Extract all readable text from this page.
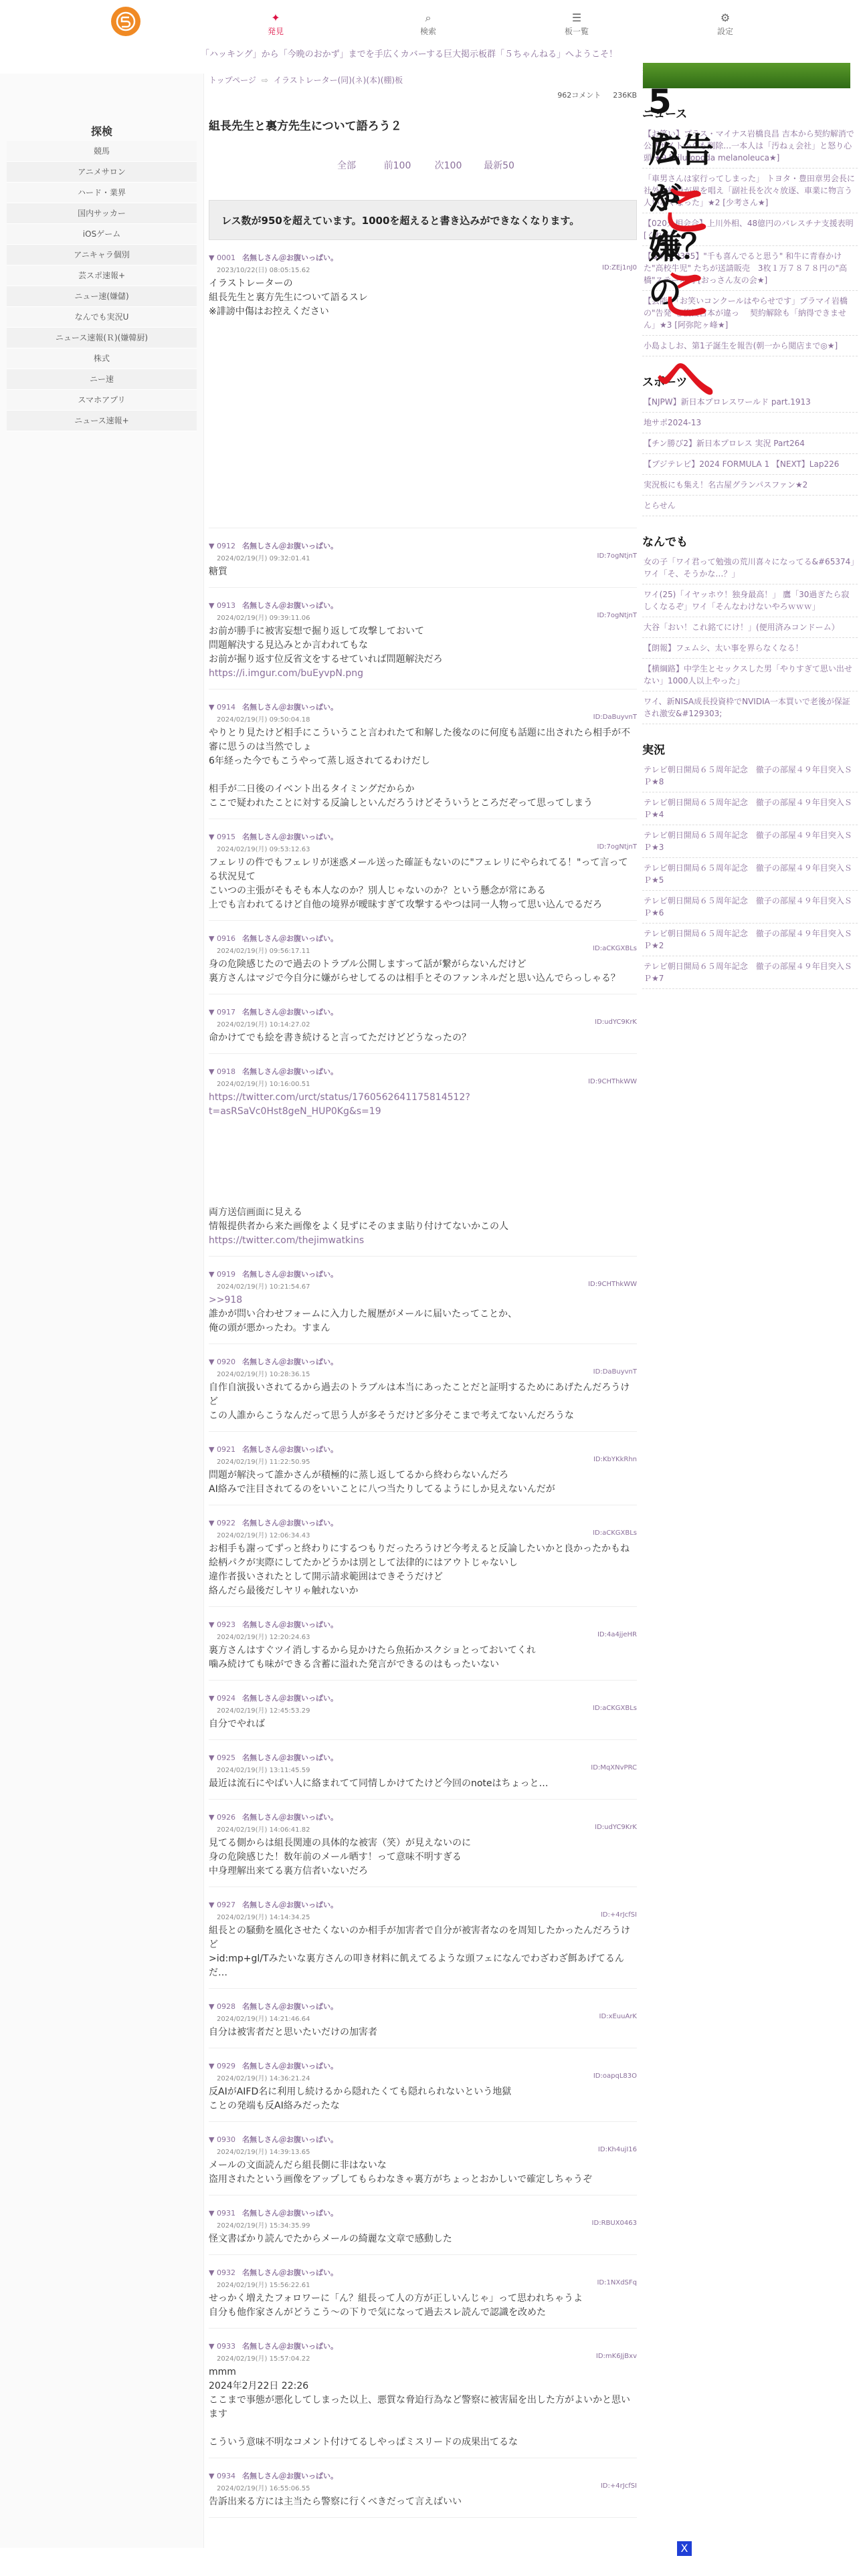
✦
発見
⌕
検索
☰
板一覧
⚙
設定
「ハッキング」から「今晩のおかず」までを手広くカバーする巨大掲示板群「５ちゃんねる」へようこそ！
探検
競馬
アニメサロン
ハード・業界
国内サッカー
iOSゲーム
アニキャラ個別
芸スポ速報+
ニュー速(嫌儲)
なんでも実況U
ニュース速報(Ｒ)(嫌韓厨)
株式
ニー速
スマホアプリ
ニュース速報+
トップページ ⇨ イラストレーター(同)(ネ)(本)(棚)板
962コメント 236KB
組長先生と裏方先生について語ろう２
全部	前100	次100	最新50
レス数が950を超えています。1000を超えると書き込みができなくなります。
▼ 0001 名無しさん＠お腹いっぱい。
2023/10/22(日) 08:05:15.62	ID:ZEj1nJ0
イラストレーターの
組長先生と裏方先生について語るスレ
※誹謗中傷はお控えください
▼ 0912 名無しさん＠お腹いっぱい。
2024/02/19(月) 09:32:01.41	ID:7ogNtjnT
糖質
▼ 0913 名無しさん＠お腹いっぱい。
2024/02/19(月) 09:39:11.06	ID:7ogNtjnT
お前が勝手に被害妄想で掘り返して攻撃しておいて
問題解決する見込みとか言われてもな
お前が掘り返す位反省文をするせていれば問題解決だろ
https://i.imgur.com/buEyvpN.png
▼ 0914 名無しさん＠お腹いっぱい。
2024/02/19(月) 09:50:04.18	ID:DaBuyvnT
やりとり見たけど相手にこういうこと言われたて和解した後なのに何度も話題に出されたら相手が不審に思うのは当然でしょ
6年経った今でもこうやって蒸し返されてるわけだし

相手が二日後のイベント出るタイミングだからか
ここで疑われたことに対する反論しといんだろうけどそういうところだぞって思ってしまう
▼ 0915 名無しさん＠お腹いっぱい。
2024/02/19(月) 09:53:12.63	ID:7ogNtjnT
フェレリの件でもフェレリが迷惑メール送った確証もないのに"フェレリにやられてる！"って言ってる状況見て
こいつの主張がそもそも本人なのか？別人じゃないのか？という懸念が常にある
上でも言われてるけど自他の境界が曖昧すぎて攻撃するやつは同一人物って思い込んでるだろ
▼ 0916 名無しさん＠お腹いっぱい。
2024/02/19(月) 09:56:17.11	ID:aCKGXBLs
身の危険感じたので過去のトラブル公開しますって話が繋がらないんだけど
裏方さんはマジで今自分に嫌がらせしてるのは相手とそのファンネルだと思い込んでらっしゃる？
▼ 0917 名無しさん＠お腹いっぱい。
2024/02/19(月) 10:14:27.02	ID:udYC9KrK
命かけてでも絵を書き続けると言ってただけどどうなったの？
▼ 0918 名無しさん＠お腹いっぱい。
2024/02/19(月) 10:16:00.51	ID:9CHThkWW
https://twitter.com/urct/status/1760562641175814512?t=asRSaVc0Hst8geN_HUP0Kg&s=19
両方送信画面に見える
情報提供者から来た画像をよく見ずにそのまま貼り付けてないかこの人
https://twitter.com/thejimwatkins
▼ 0919 名無しさん＠お腹いっぱい。
2024/02/19(月) 10:21:54.67	ID:9CHThkWW
>>918
誰かが問い合わせフォームに入力した履歴がメールに届いたってことか、
俺の頭が悪かったわ。すまん
▼ 0920 名無しさん＠お腹いっぱい。
2024/02/19(月) 10:28:36.15	ID:DaBuyvnT
自作自演扱いされてるから過去のトラブルは本当にあったことだと証明するためにあげたんだろうけど
この人誰からこうなんだって思う人が多そうだけど多分そこまで考えてないんだろうな
▼ 0921 名無しさん＠お腹いっぱい。
2024/02/19(月) 11:22:50.95	ID:KbYKkRhn
問題が解決って誰かさんが積極的に蒸し返してるから終わらないんだろ
AI絡みで注目されてるのをいいことに八つ当たりしてるようにしか見えないんだが
▼ 0922 名無しさん＠お腹いっぱい。
2024/02/19(月) 12:06:34.43	ID:aCKGXBLs
お相手も謝ってずっと終わりにするつもりだったろうけど今考えると反論したいかと良かったかもね
絵柄パクが実際にしてたかどうかは別として法律的にはアウトじゃないし
違作者扱いされたとして開示請求範囲はできそうだけど
絡んだら最後だしヤリゃ触れないか
▼ 0923 名無しさん＠お腹いっぱい。
2024/02/19(月) 12:20:24.63	ID:4a4jjeHR
裏方さんはすぐツイ消しするから見かけたら魚拓かスクショとっておいてくれ
噛み続けても味ができる含蓄に溢れた発言ができるのはもったいない
▼ 0924 名無しさん＠お腹いっぱい。
2024/02/19(月) 12:45:53.29	ID:aCKGXBLs
自分でやれば
▼ 0925 名無しさん＠お腹いっぱい。
2024/02/19(月) 13:11:45.59	ID:MqXNvPRC
最近は流石にやばい人に絡まれてて同情しかけてたけど今回のnoteはちょっと…
▼ 0926 名無しさん＠お腹いっぱい。
2024/02/19(月) 14:06:41.82	ID:udYC9KrK
見てる側からは組長関連の具体的な被害（笑）が見えないのに
身の危険感じた！数年前のメール晒す！って意味不明すぎる
中身理解出来てる裏方信者いないだろ
▼ 0927 名無しさん＠お腹いっぱい。
2024/02/19(月) 14:14:34.25	ID:+4rJcfSI
組長との騒動を風化させたくないのか相手が加害者で自分が被害者なのを周知したかったんだろうけど
>id:mp+gl/Tみたいな裏方さんの叩き材料に飢えてるような頭フェになんでわざわざ餌あげてるんだ…
▼ 0928 名無しさん＠お腹いっぱい。
2024/02/19(月) 14:21:46.64	ID:xEuuArK
自分は被害者だと思いたいだけの加害者
▼ 0929 名無しさん＠お腹いっぱい。
2024/02/19(月) 14:36:21.24	ID:oapqL83O
反AIがAIFD名に利用し続けるから隠れたくても隠れられないという地獄
ことの発端も反AI絡みだったな
▼ 0930 名無しさん＠お腹いっぱい。
2024/02/19(月) 14:39:13.65	ID:Kh4ujI16
メールの文面読んだら組長側に非はないな
盗用されたという画像をアップしてもらわなきゃ裏方がちょっとおかしいで確定しちゃうぞ
▼ 0931 名無しさん＠お腹いっぱい。
2024/02/19(月) 15:34:35.99	ID:RBUX0463
怪文書ばかり読んでたからメールの綺麗な文章で感動した
▼ 0932 名無しさん＠お腹いっぱい。
2024/02/19(月) 15:56:22.61	ID:1NXdSFq
せっかく増えたフォロワーに「ん？組長って人の方が正しいんじゃ」って思われちゃうよ
自分も他作家さんがどうこう〜の下りで気になって過去スレ読んで認識を改めた
▼ 0933 名無しさん＠お腹いっぱい。
2024/02/19(月) 15:57:04.22	ID:mK6JjBxv
mmm
2024年2月22日 22:26
ここまで事態が悪化してしまった以上、悪質な脅迫行為など警察に被害届を出した方がよいかと思います

こういう意味不明なコメント付けてるしやっぱミスリードの成果出てるな
▼ 0934 名無しさん＠お腹いっぱい。
2024/02/19(月) 16:55:06.55	ID:+4rJcfSI
告訴出来る方には主当たら警察に行くべきだって言えばいい
ニュース
【お笑い】プラス・マイナス岩橋良昌 吉本から契約解消で公式サイトからも削除…一本人は「汚ねぇ会社」と怒り心頭 ★9 [Ailuropoda melanoleuca★]
「車男さんは家行ってしまった」 トヨタ・豊田章男会長に社外取締役が異を唱え「副社長を次々放逐、車業に物言う人いなくなった」★2 [少考さん★]
【020外相会合】上川外相、48億円のパレスチナ支援表明 [くれ★]
【&#129385】"千も喜んでると思う" 和牛に青春かけた"高校牛児" たちが送請販売　3枚１万７８７８円の"高橋"ステーキ肉 [おっさん友の会★]
【芸能】「お笑いコンクールはやらせです」プラマイ岩橋の"告発"を後援吉本が違っ 　契約解除も「納得できません」★3 [阿弥陀ヶ峰★]
小島よしお、第1子誕生を報告(朝一から閲店まで◎★]
スポーツ
【NJPW】新日本プロレスワールド part.1913
地サポ2024-13
【チン勝び2】新日本プロレス 実況 Part264
【プジテレビ】2024 FORMULA 1 【NEXT】Lap226
実況板にも集え！名古屋グランパスファン★2
とらせん
なんでも
女の子「ワイ君って勉強の荒川喜々になってる&#65374」ワイ「そ、そうかな…？」
ワイ(25)「イヤッホウ！独身最高！」 鷹「30過ぎたら寂しくなるぞ」ワイ「そんなわけないやろｗｗｗ」
大谷「おい！これ銘てにけ！」(便用済みコンドーム）
【朗報】フェムシ、太い事を界らなくなる！
【横綱路】中学生とセックスした男「やりすぎて思い出せない」1000人以上やった」
ワイ、新NISA成長投資枠でNVIDIA一本買いで老後が保証され激安&#129303;
実況
テレビ朝日開局６５周年記念　徹子の部屋４９年目突入ＳＰ★8
テレビ朝日開局６５周年記念　徹子の部屋４９年目突入ＳＰ★4
テレビ朝日開局６５周年記念　徹子の部屋４９年目突入ＳＰ★3
テレビ朝日開局６５周年記念　徹子の部屋４９年目突入ＳＰ★5
テレビ朝日開局６５周年記念　徹子の部屋４９年目突入ＳＰ★6
テレビ朝日開局６５周年記念　徹子の部屋４９年目突入ＳＰ★2
テレビ朝日開局６５周年記念　徹子の部屋４９年目突入ＳＰ★7
X
